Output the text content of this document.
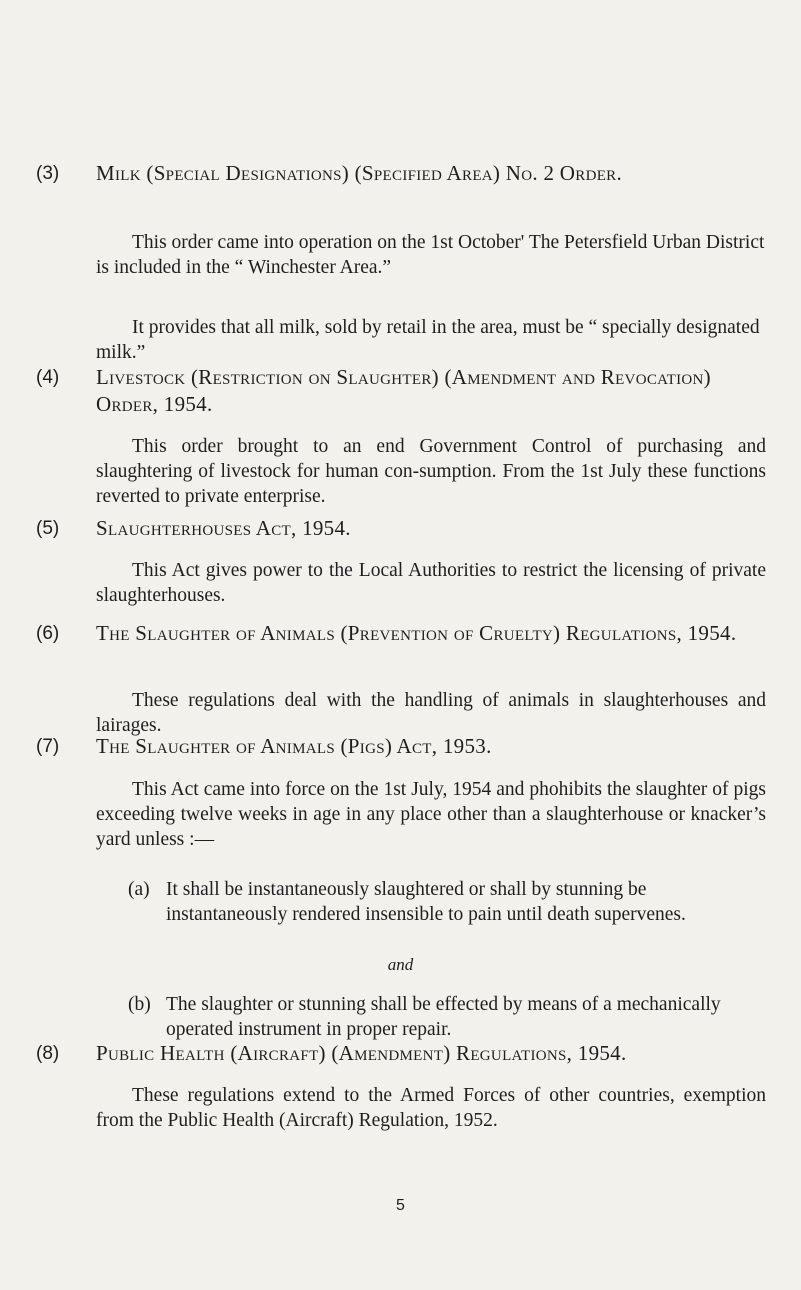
(3) Milk (Special Designations) (Specified Area) No. 2 Order.
This order came into operation on the 1st October' The Petersfield Urban District is included in the “ Winchester Area.”
It provides that all milk, sold by retail in the area, must be “ specially designated milk.”
(4) Livestock (Restriction on Slaughter) (Amendment and Revocation) Order, 1954.
This order brought to an end Government Control of purchasing and slaughtering of livestock for human con-sumption. From the 1st July these functions reverted to private enterprise.
(5) Slaughterhouses Act, 1954.
This Act gives power to the Local Authorities to restrict the licensing of private slaughterhouses.
(6) The Slaughter of Animals (Prevention of Cruelty) Regulations, 1954.
These regulations deal with the handling of animals in slaughterhouses and lairages.
(7) The Slaughter of Animals (Pigs) Act, 1953.
This Act came into force on the 1st July, 1954 and phohibits the slaughter of pigs exceeding twelve weeks in age in any place other than a slaughterhouse or knacker’s yard unless :—
(a) It shall be instantaneously slaughtered or shall by stunning be instantaneously rendered insensible to pain until death supervenes.
and
(b) The slaughter or stunning shall be effected by means of a mechanically operated instrument in proper repair.
(8) Public Health (Aircraft) (Amendment) Regulations, 1954.
These regulations extend to the Armed Forces of other countries, exemption from the Public Health (Aircraft) Regulation, 1952.
5
